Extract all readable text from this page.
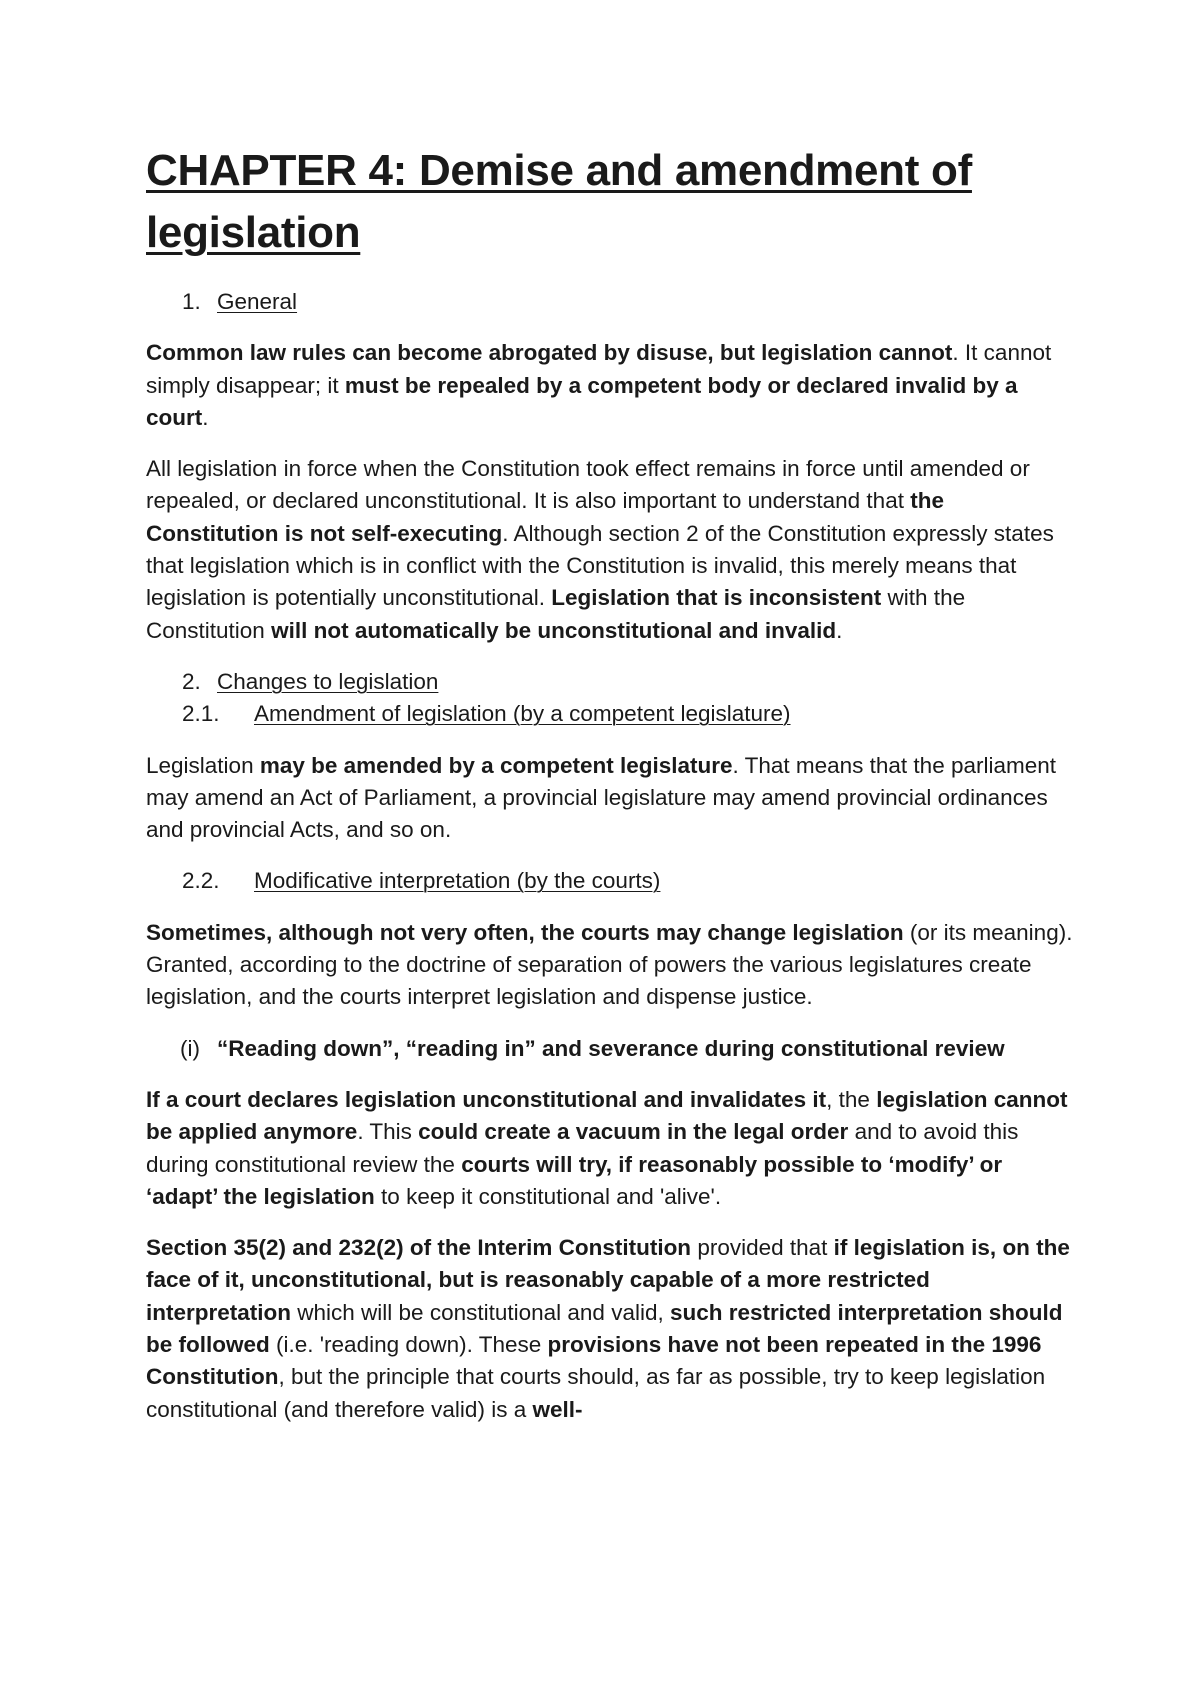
CHAPTER 4: Demise and amendment of legislation
1. General

Common law rules can become abrogated by disuse, but legislation cannot. It cannot simply disappear; it must be repealed by a competent body or declared invalid by a court.

All legislation in force when the Constitution took effect remains in force until amended or repealed, or declared unconstitutional. It is also important to understand that the Constitution is not self-executing. Although section 2 of the Constitution expressly states that legislation which is in conflict with the Constitution is invalid, this merely means that legislation is potentially unconstitutional. Legislation that is inconsistent with the Constitution will not automatically be unconstitutional and invalid.

2. Changes to legislation
2.1.	Amendment of legislation (by a competent legislature)

Legislation may be amended by a competent legislature. That means that the parliament may amend an Act of Parliament, a provincial legislature may amend provincial ordinances and provincial Acts, and so on.

2.2.	Modificative interpretation (by the courts)

Sometimes, although not very often, the courts may change legislation (or its meaning). Granted, according to the doctrine of separation of powers the various legislatures create legislation, and the courts interpret legislation and dispense justice.

(i) “Reading down”, “reading in” and severance during constitutional review

If a court declares legislation unconstitutional and invalidates it, the legislation cannot be applied anymore. This could create a vacuum in the legal order and to avoid this during constitutional review the courts will try, if reasonably possible to ‘modify’ or ‘adapt’ the legislation to keep it constitutional and 'alive'.

Section 35(2) and 232(2) of the Interim Constitution provided that if legislation is, on the face of it, unconstitutional, but is reasonably capable of a more restricted interpretation which will be constitutional and valid, such restricted interpretation should be followed (i.e. 'reading down). These provisions have not been repeated in the 1996 Constitution, but the principle that courts should, as far as possible, try to keep legislation constitutional (and therefore valid) is a well-
